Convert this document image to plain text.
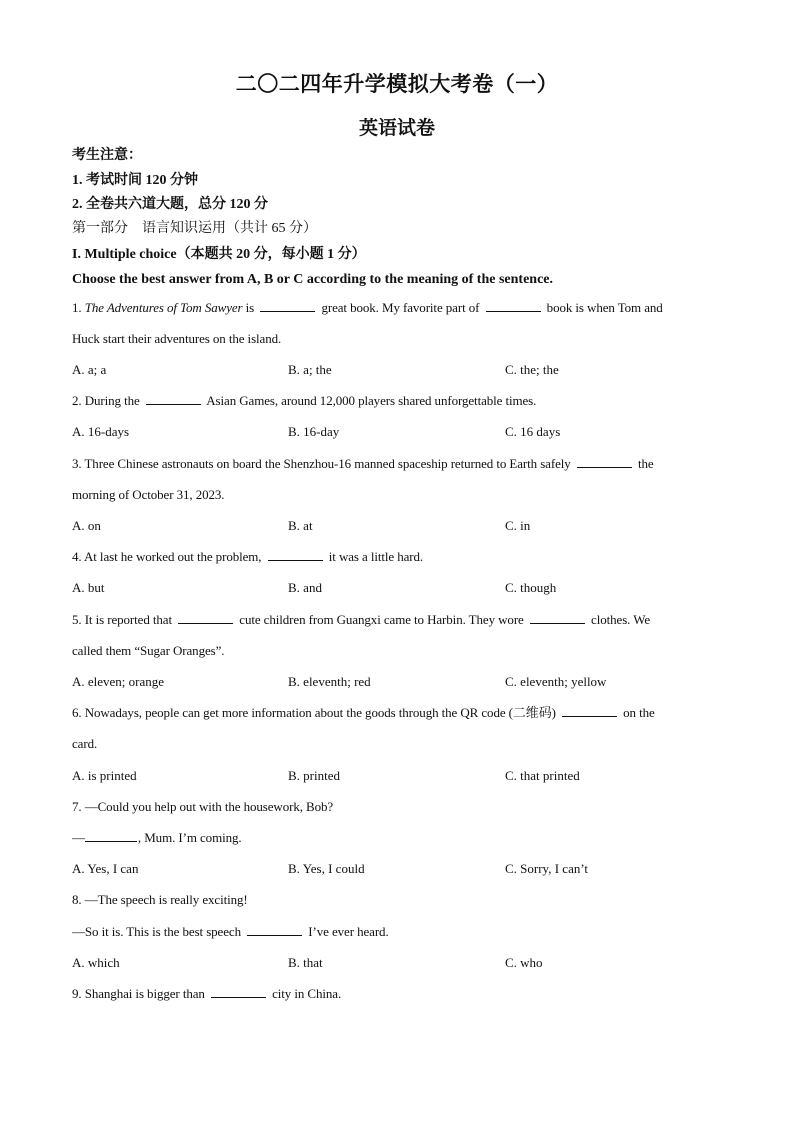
二〇二四年升学模拟大考卷（一）
英语试卷
考生注意：
1. 考试时间 120 分钟
2. 全卷共六道大题，总分 120 分
第一部分　语言知识运用（共计 65 分）
I. Multiple choice（本题共 20 分，每小题 1 分）
Choose the best answer from A, B or C according to the meaning of the sentence.
1. The Adventures of Tom Sawyer is	great book. My favorite part of	book is when Tom and
Huck start their adventures on the island.
A. a; a	B. a; the	C. the; the
2. During the	Asian Games, around 12,000 players shared unforgettable times.
A. 16-days	B. 16-day	C. 16 days
3. Three Chinese astronauts on board the Shenzhou-16 manned spaceship returned to Earth safely	the
morning of October 31, 2023.
A. on	B. at	C. in
4. At last he worked out the problem,	it was a little hard.
A. but	B. and	C. though
5. It is reported that	cute children from Guangxi came to Harbin. They wore	clothes. We
called them “Sugar Oranges”.
A. eleven; orange	B. eleventh; red	C. eleventh; yellow
6. Nowadays, people can get more information about the goods through the QR code (二维码)	on the
card.
A. is printed	B. printed	C. that printed
7. —Could you help out with the housework, Bob?
—	, Mum. I’m coming.
A. Yes, I can	B. Yes, I could	C. Sorry, I can’t
8. —The speech is really exciting!
—So it is. This is the best speech	I’ve ever heard.
A. which	B. that	C. who
9. Shanghai is bigger than	city in China.
